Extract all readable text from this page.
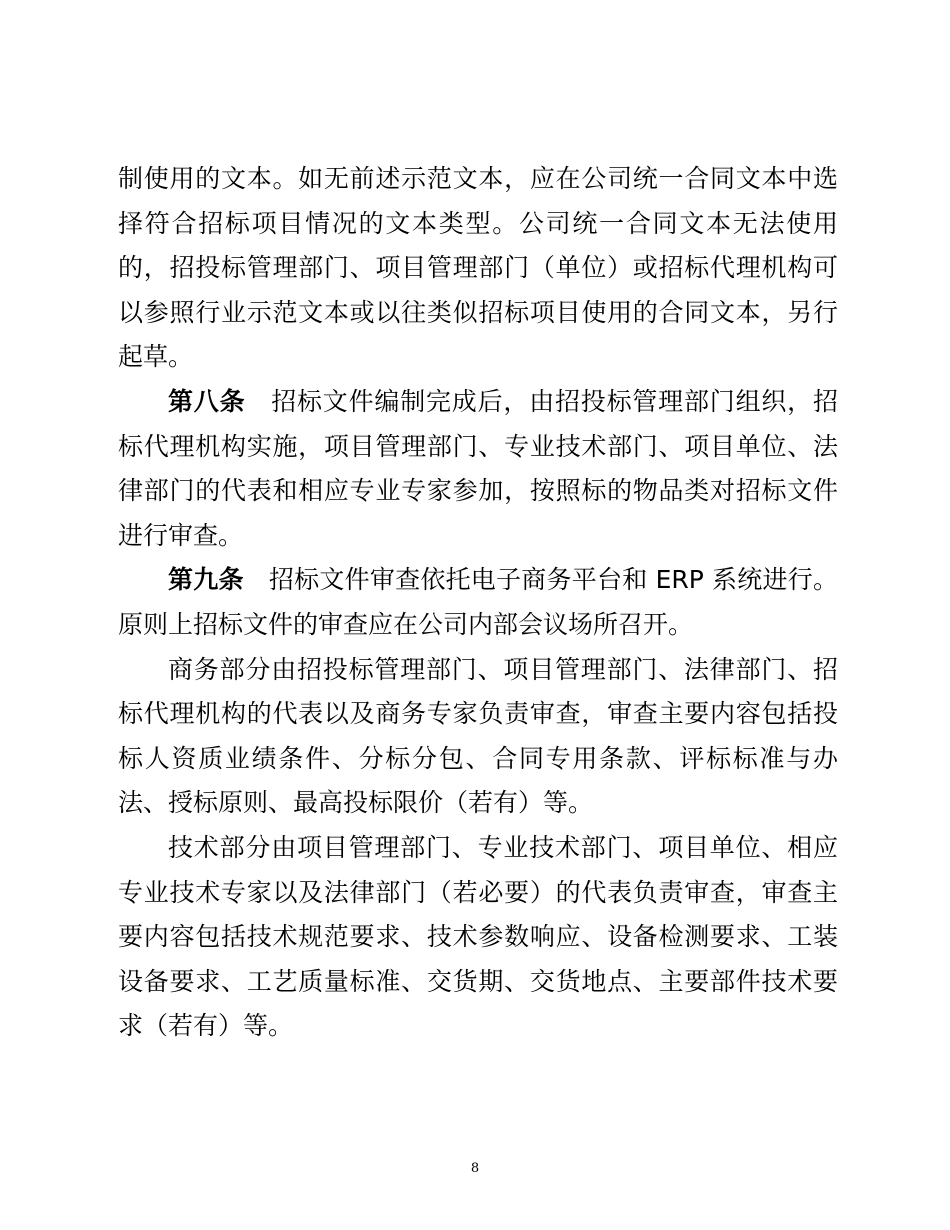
制使用的文本。如无前述示范文本，应在公司统一合同文本中选择符合招标项目情况的文本类型。公司统一合同文本无法使用的，招投标管理部门、项目管理部门（单位）或招标代理机构可以参照行业示范文本或以往类似招标项目使用的合同文本，另行起草。

第八条 招标文件编制完成后，由招投标管理部门组织，招标代理机构实施，项目管理部门、专业技术部门、项目单位、法律部门的代表和相应专业专家参加，按照标的物品类对招标文件进行审查。

第九条 招标文件审查依托电子商务平台和 ERP 系统进行。原则上招标文件的审查应在公司内部会议场所召开。

商务部分由招投标管理部门、项目管理部门、法律部门、招标代理机构的代表以及商务专家负责审查，审查主要内容包括投标人资质业绩条件、分标分包、合同专用条款、评标标准与办法、授标原则、最高投标限价（若有）等。

技术部分由项目管理部门、专业技术部门、项目单位、相应专业技术专家以及法律部门（若必要）的代表负责审查，审查主要内容包括技术规范要求、技术参数响应、设备检测要求、工装设备要求、工艺质量标准、交货期、交货地点、主要部件技术要求（若有）等。

8
